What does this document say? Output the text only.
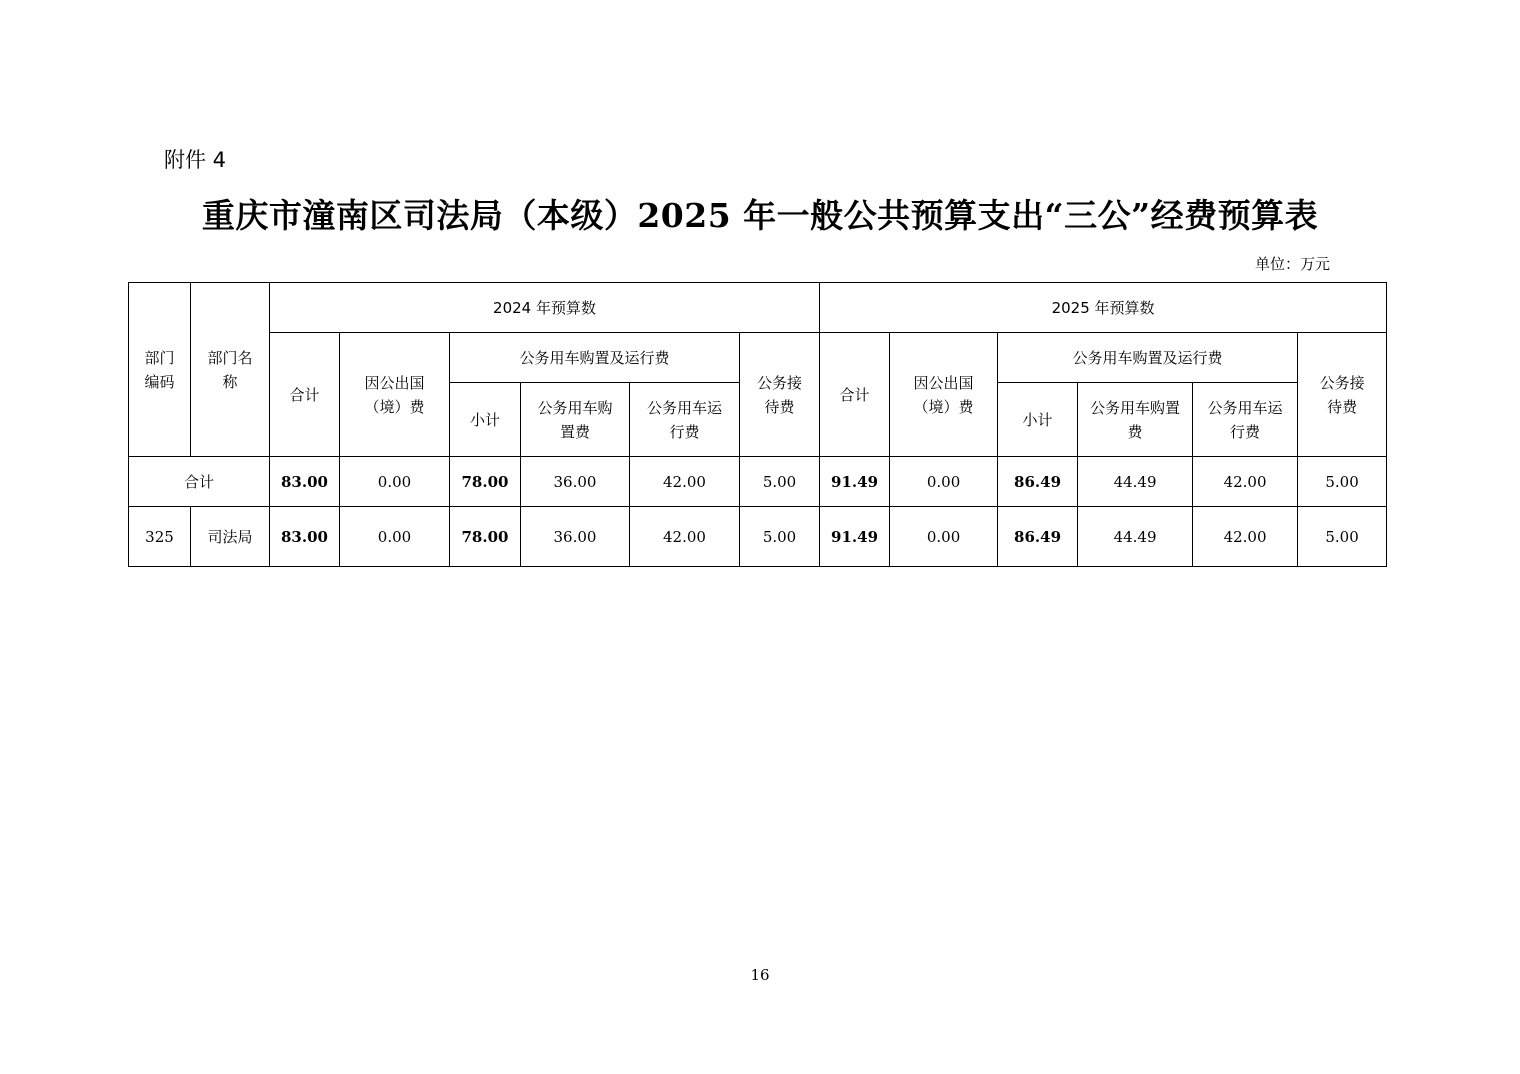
附件 4
重庆市潼南区司法局（本级）2025 年一般公共预算支出“三公”经费预算表
单位：万元
部门编码	部门名称	2024 年预算数						2025 年预算数					
		合计	因公出国（境）费	公务用车购置及运行费			公务接待费	合计	因公出国（境）费	公务用车购置及运行费			公务接待费
				小计	公务用车购置费	公务用车运行费				小计	公务用车购置费	公务用车运行费	
合计		83.00	0.00	78.00	36.00	42.00	5.00	91.49	0.00	86.49	44.49	42.00	5.00
325	司法局	83.00	0.00	78.00	36.00	42.00	5.00	91.49	0.00	86.49	44.49	42.00	5.00
16
